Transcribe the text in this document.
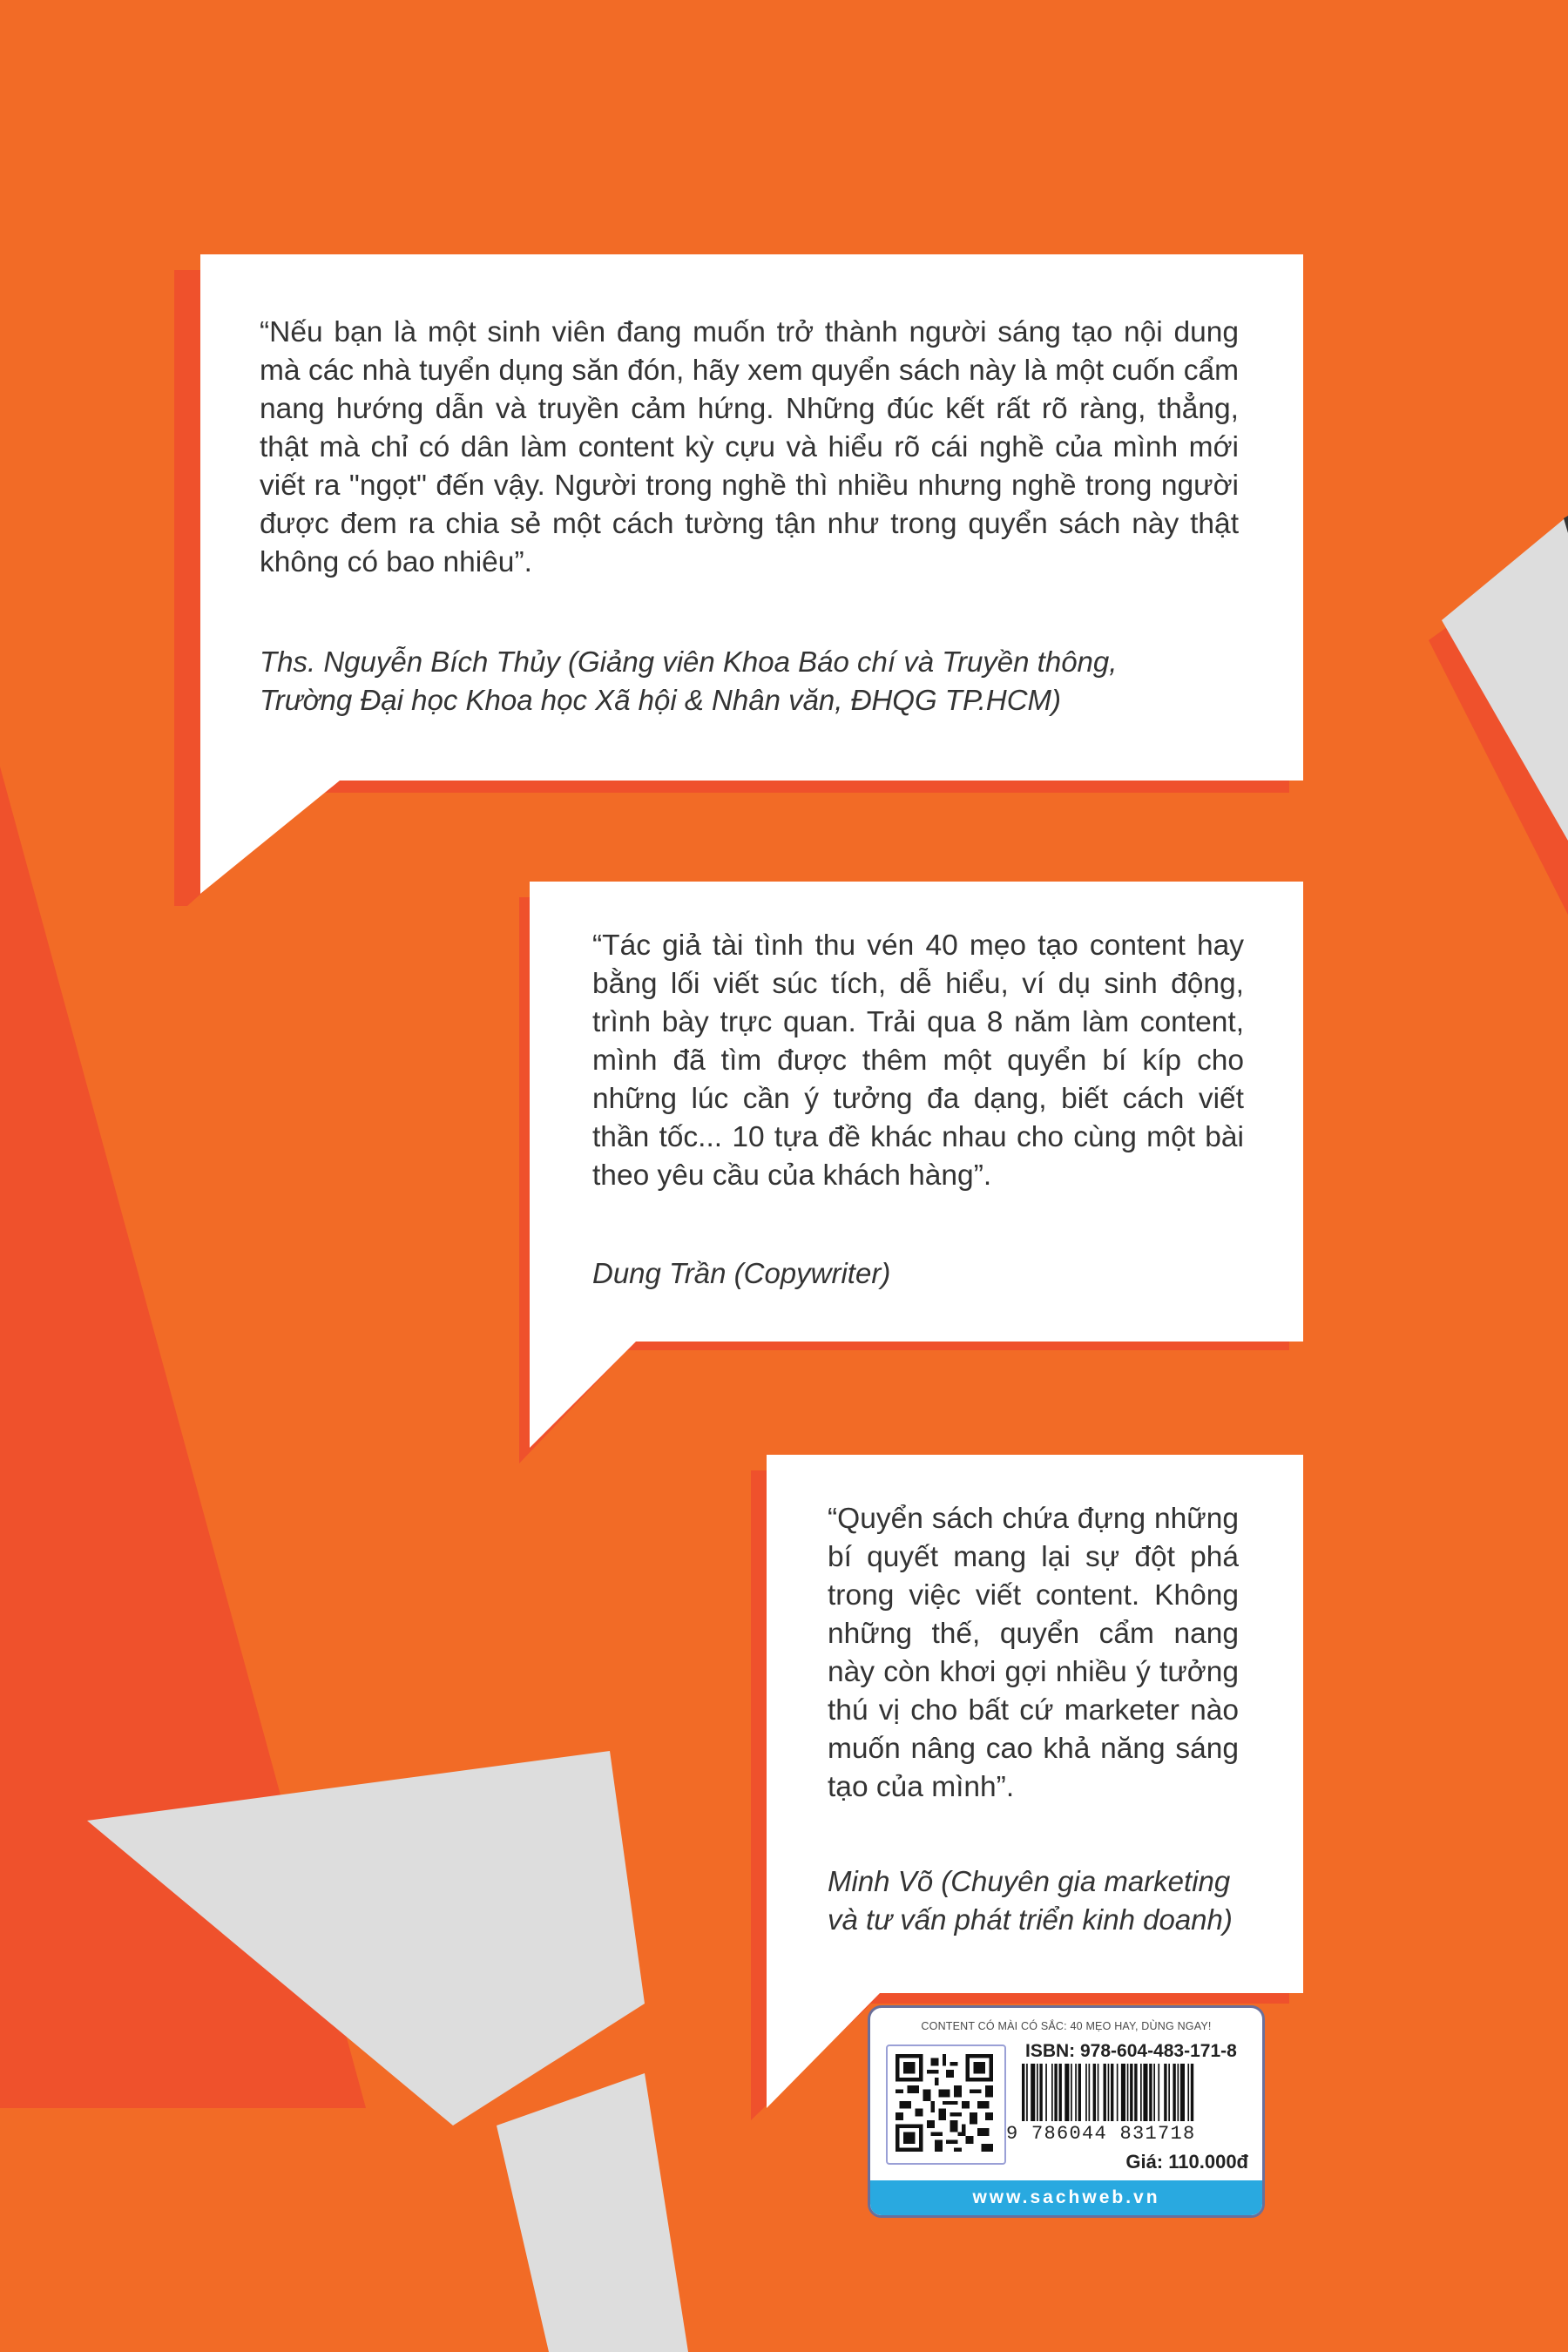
“Nếu bạn là một sinh viên đang muốn trở thành người sáng tạo nội dung mà các nhà tuyển dụng săn đón, hãy xem quyển sách này là một cuốn cẩm nang hướng dẫn và truyền cảm hứng. Những đúc kết rất rõ ràng, thẳng, thật mà chỉ có dân làm content kỳ cựu và hiểu rõ cái nghề của mình mới viết ra "ngọt" đến vậy. Người trong nghề thì nhiều nhưng nghề trong người được đem ra chia sẻ một cách tường tận như trong quyển sách này thật không có bao nhiêu”.

Ths. Nguyễn Bích Thủy (Giảng viên Khoa Báo chí và Truyền thông,

Trường Đại học Khoa học Xã hội & Nhân văn, ĐHQG TP.HCM)

“Tác giả tài tình thu vén 40 mẹo tạo content hay bằng lối viết súc tích, dễ hiểu, ví dụ sinh động, trình bày trực quan. Trải qua 8 năm làm content, mình đã tìm được thêm một quyển bí kíp cho những lúc cần ý tưởng đa dạng, biết cách viết thần tốc... 10 tựa đề khác nhau cho cùng một bài theo yêu cầu của khách hàng”.

Dung Trần (Copywriter)

“Quyển sách chứa đựng những bí quyết mang lại sự đột phá trong việc viết content. Không những thế, quyển cẩm nang này còn khơi gợi nhiều ý tưởng thú vị cho bất cứ marketer nào muốn nâng cao khả năng sáng tạo của mình”.

Minh Võ (Chuyên gia marketing

và tư vấn phát triển kinh doanh)

CONTENT CÓ MÀI CÓ SẮC: 40 MẸO HAY, DÙNG NGAY!
ISBN: 978-604-483-171-8
9 786044 831718
Giá: 110.000đ
www.sachweb.vn
